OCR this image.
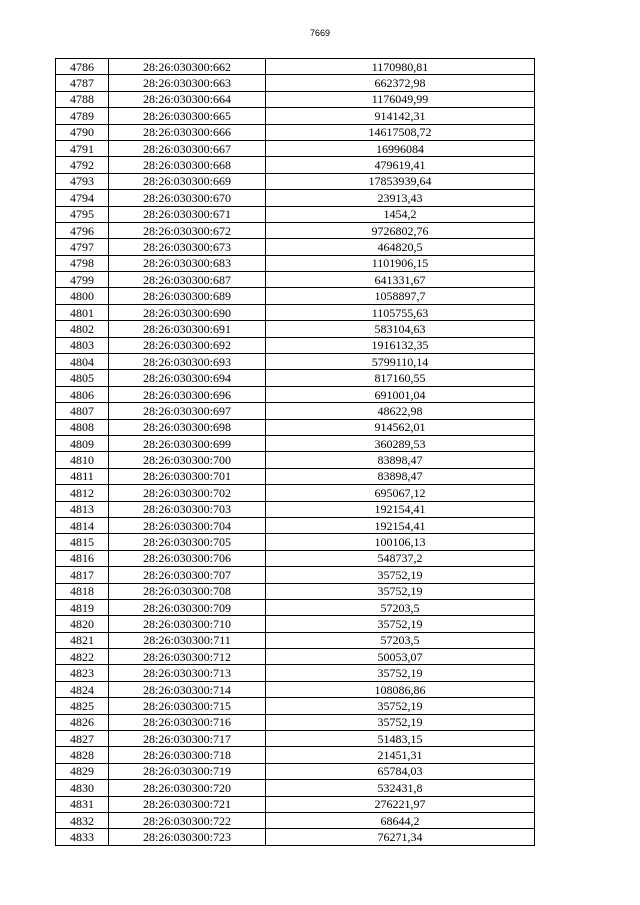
7669
4786	28:26:030300:662	1170980,81
4787	28:26:030300:663	662372,98
4788	28:26:030300:664	1176049,99
4789	28:26:030300:665	914142,31
4790	28:26:030300:666	14617508,72
4791	28:26:030300:667	16996084
4792	28:26:030300:668	479619,41
4793	28:26:030300:669	17853939,64
4794	28:26:030300:670	23913,43
4795	28:26:030300:671	1454,2
4796	28:26:030300:672	9726802,76
4797	28:26:030300:673	464820,5
4798	28:26:030300:683	1101906,15
4799	28:26:030300:687	641331,67
4800	28:26:030300:689	1058897,7
4801	28:26:030300:690	1105755,63
4802	28:26:030300:691	583104,63
4803	28:26:030300:692	1916132,35
4804	28:26:030300:693	5799110,14
4805	28:26:030300:694	817160,55
4806	28:26:030300:696	691001,04
4807	28:26:030300:697	48622,98
4808	28:26:030300:698	914562,01
4809	28:26:030300:699	360289,53
4810	28:26:030300:700	83898,47
4811	28:26:030300:701	83898,47
4812	28:26:030300:702	695067,12
4813	28:26:030300:703	192154,41
4814	28:26:030300:704	192154,41
4815	28:26:030300:705	100106,13
4816	28:26:030300:706	548737,2
4817	28:26:030300:707	35752,19
4818	28:26:030300:708	35752,19
4819	28:26:030300:709	57203,5
4820	28:26:030300:710	35752,19
4821	28:26:030300:711	57203,5
4822	28:26:030300:712	50053,07
4823	28:26:030300:713	35752,19
4824	28:26:030300:714	108086,86
4825	28:26:030300:715	35752,19
4826	28:26:030300:716	35752,19
4827	28:26:030300:717	51483,15
4828	28:26:030300:718	21451,31
4829	28:26:030300:719	65784,03
4830	28:26:030300:720	532431,8
4831	28:26:030300:721	276221,97
4832	28:26:030300:722	68644,2
4833	28:26:030300:723	76271,34
